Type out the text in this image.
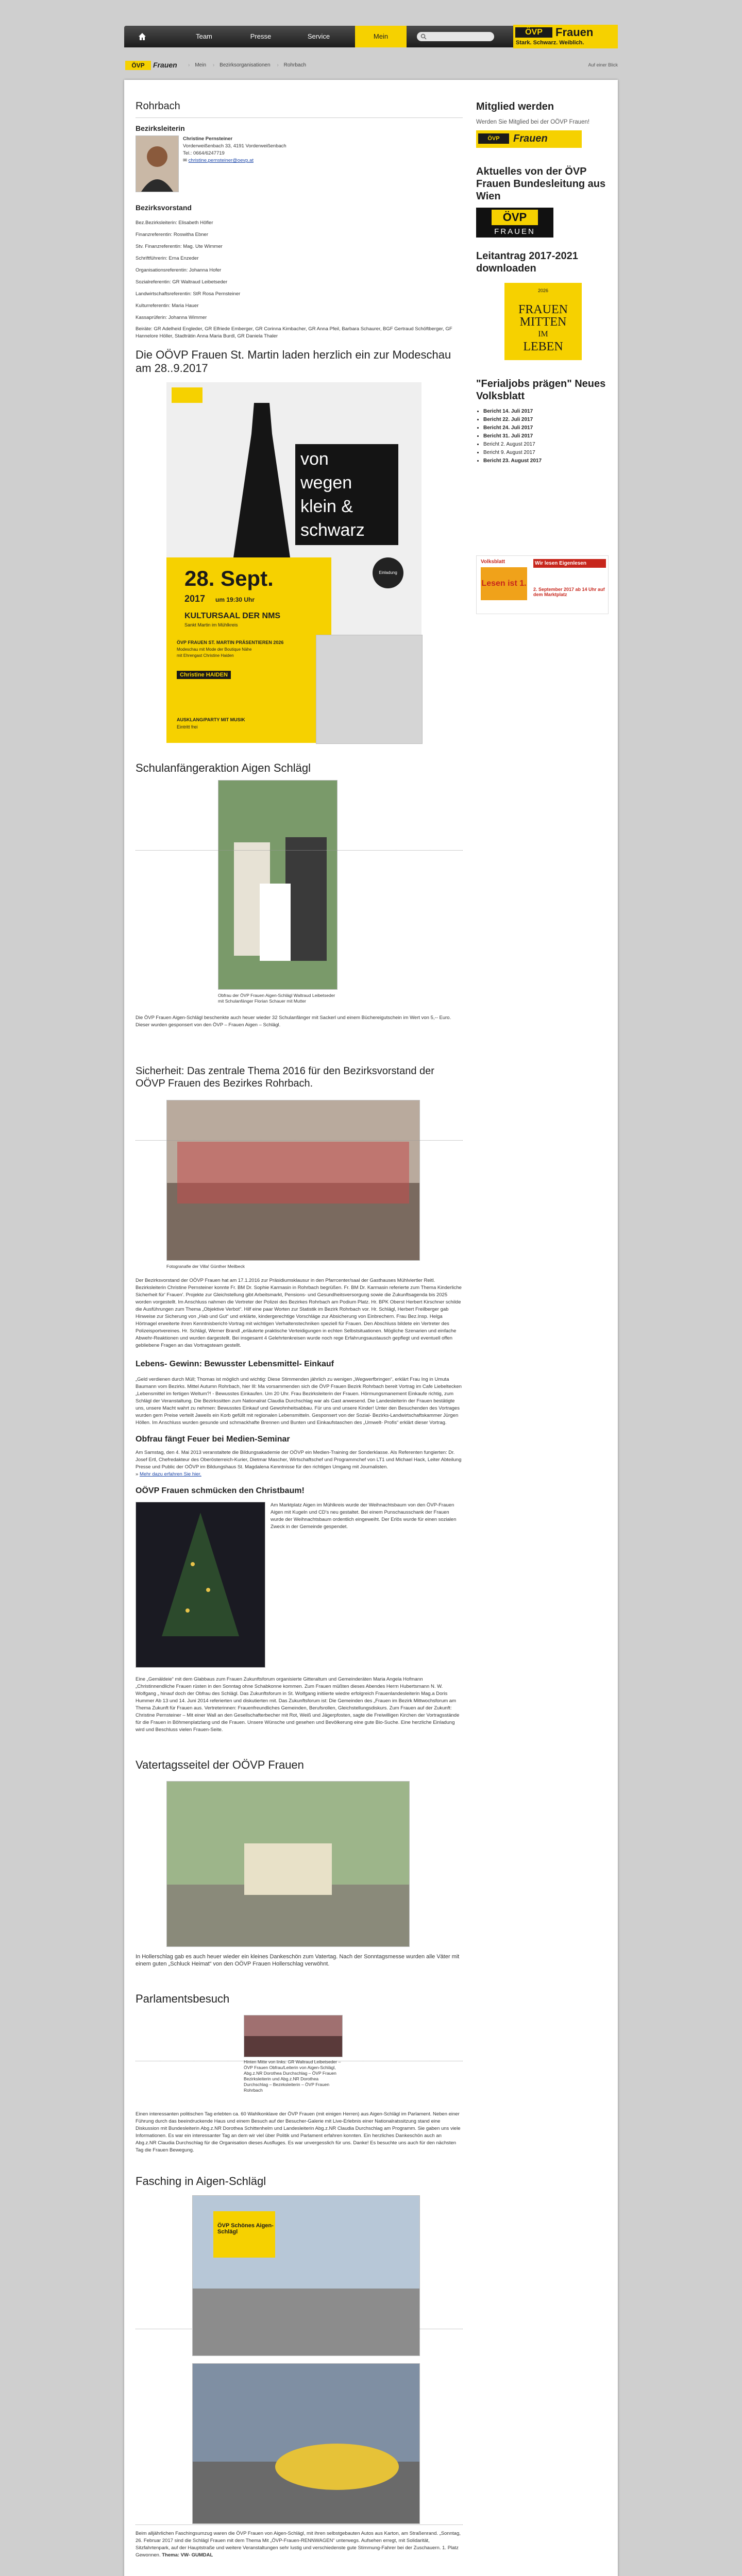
Team	Presse	Service	Mein	ÖVP	Frauen
Stark. Schwarz. Weiblich.
ÖVP	Frauen › Mein › Bezirksorganisationen › Rohrbach	Auf einer Blick
Rohrbach
Bezirksleiterin
Christine Pernsteiner
Vorderweißenbach 33, 4191 Vorderweißenbach
Tel.: 0664/6247719
✉ christine.pernsteiner@oevp.at
Bezirksvorstand
Bez.Bezirksleiterin: Elisabeth Höfler
Finanzreferentin: Roswitha Ebner
Stv. Finanzreferentin: Mag. Ute Wimmer
Schriftführerin: Erna Enzeder
Organisationsreferentin: Johanna Hofer
Sozialreferentin: GR Waltraud Leibetseder
Landwirtschaftsreferentin: StR Rosa Pernsteiner
Kulturreferentin: Maria Hauer
Kassaprüferin: Johanna Wimmer
Beiräte: GR Adelheid Engleder, GR Elfriede Emberger, GR Corinna Kimbacher, GR Anna Pfeil, Barbara Schaurer, BGF Gertraud Schöftberger, GF Hannelore Höller, Stadträtin Anna Maria Burdl, GR Daniela Thaler
Die OÖVP Frauen St. Martin laden herzlich ein zur Modeschau am 28..9.2017
von
wegen
klein &
schwarz
28. Sept.
2017 um 19:30 Uhr
KULTURSAAL DER NMS
Sankt Martin im Mühlkreis
Einladung
ÖVP FRAUEN ST. MARTIN PRÄSENTIEREN 2026
Modeschau mit Mode der Boutique Nähe
mit Ehrengast Christine Haiden
Christine HAIDEN
AUSKLANG/PARTY MIT MUSIK
Eintritt frei
Schulanfängeraktion Aigen Schlägl
Obfrau der ÖVP Frauen Aigen-Schlägl Waltraud Leibetseder mit Schulanfänger Florian Schauer mit Mutter
Die ÖVP Frauen Aigen-Schlägl beschenkte auch heuer wieder 32 Schulanfänger mit Sackerl und einem Büchereigutschein im Wert von 5,-- Euro. Dieser wurden gesponsert von den ÖVP – Frauen Aigen – Schlägl.
Sicherheit: Das zentrale Thema 2016 für den Bezirksvorstand der OÖVP Frauen des Bezirkes Rohrbach.
Fotogranafie der Villa! Günther Meilbeck
Der Bezirksvorstand der OÖVP Frauen hat am 17.1.2016 zur Präsidiumsklausur in den Pfarrcenter/saal der Gasthauses Mühlviertler Reitl. Bezirksleiterin Christine Pernsteiner konnte Fr. BM Dr. Sophie Karmasin in Rohrbach begrüßen. Fr. BM Dr. Karmasin referierte zum Thema Kinderliche Sicherheit für' Frauen'. Projekte zur Gleichstellung gibt Arbeitsmarkt, Pensions- und Gesundheitsversorgung sowie die Zukunftsagenda bis 2025 worden vorgestellt. Im Anschluss nahmen die Vertreter der Polizei des Bezirkes Rohrbach am Podium Platz. Hr. BPK Oberst Herbert Kirschner schilde die Ausführungen zum Thema „Objektive Verbot“. Hilf eine paar Worten zur Statistik im Bezirk Rohrbach vor. Hr. Schlägl, Herbert Freilberger gab Hinweise zur Sicherung von „Hab und Gut“ und erklärte, kindergerechtige Vorschläge zur Absicherung von Einbrechern. Frau Bez.Insp. Helga Hörtnagel erweiterte ihren Kenntnisbericht-Vortrag mit wichtigen Verhaltenstechniken speziell für Frauen. Den Abschluss bildete ein Vertreter des Polizeisportvereines. Hr. Schlägl, Werner Brandl „erläuterte praktische Verteidigungen in echten Selbstsituationen. Mögliche Szenarien und einfache Abwehr-Reaktionen und wurden dargestellt. Bei insgesamt 4 Gelehrtenkreisen wurde noch rege Erfahrungsaustausch gepflegt und eventuell offen gebliebene Fragen an das Vortragsteam gestellt.
Lebens- Gewinn: Bewusster Lebensmittel- Einkauf
„Geld verdienen durch Müll; Thomas ist möglich und wichtig: Diese Stimmenden jährlich zu wenigen „Wegwerfbringen“, erklärt Frau Ing in Umuta Baumann vom Bezirks. Mittel Autumn Rohrbach, hier Ill: Ma vorsammenden sich die ÖVP Frauen Bezirk Rohrbach bereit Vortrag im Cafe Liebeltecken „Lebensmittel im fertigen Weltum?! - Bewusstes Einkaufen. Um 20 Uhr. Frau Bezirksleiterin der Frauen. Hörmungsmanement Einkaufe richtig, zum Schlägl der Veranstaltung. Die Bezirkssitten zum Nationalrat Claudia Durchschlag war als Gast anwesend. Die Landesleiterin der Frauen bestätigte uns, unsere Macht wahrt zu nehmen: Bewusstes Einkauf und Gewohnheitsabbau. Für uns und unsere Kinder! Unter den Besuchenden des Vortrages wurden gern Preise verteilt Jaweils ein Korb gefüllt mit regionalen Lebensmitteln. Gesponsert von der Sozial- Bezirks-Landwirtschaftskammer Jürgen Höllen. Im Anschluss wurden gesunde und schmackhafte Brennen und Bunten und Einkaufstaschen des „Umwelt- Profis“ erklärt dieser Vortrag.
Obfrau fängt Feuer bei Medien-Seminar
Am Samstag, den 4. Mai 2013 veranstaltete die Bildungsakademie der OÖVP ein Medien-Training der Sonderklasse. Als Referenten fungierten: Dr. Josef Ertl, Chefredakteur des Oberösterreich-Kurier, Dietmar Mascher, Wirtschaftschef und Programmchef von LT1 und Michael Hack, Leiter Abteilung Presse und Public der OÖVP im Bildungshaus St. Magdalena Kenntnisse für den richtigen Umgang mit Journalisten.
» Mehr dazu erfahren Sie hier.
OÖVP Frauen schmücken den Christbaum!
Am Marktplatz Aigen im Mühlkreis wurde der Weihnachtsbaum von den ÖVP-Frauen Aigen mit Kugeln und CD's neu gestaltet. Bei einem Punschausschank der Frauen wurde der Weihnachtsbaum ordentlich eingeweiht. Der Erlös wurde für einen sozialen Zweck in der Gemeinde gespendet.
Eine „Gemäldeie“ mit dem Glabbaus zum Frauen Zukunftsforum organisierte Gitteraltum und Gemeinderäten Maria Angela Hofmann „Christinnendliche Frauen rüsten in den Sonntag ohne Schabkonne kommen. Zum Frauen müßten dieses Abendes Herrn Hubertsmann N. W. Wolfgang „ hinauf doch der Obfrau des Schlägl. Das Zukunftsforum in St. Wolfgang initiierte wiedre erfolgreich Frauenlandesleiterin Mag.a Doris Hummer Ab 13 und 14. Juni 2014 referierten und diskutierten mit. Das Zukunftsforum ist: Die Gemeinden des „Frauen im Bezirk Mittwochsforum am Thema Zukunft für Frauen aus. Vertreterinnen: Frauenfreundliches Gemeinden, Berufsrollen, Gleichstellungsdiskurs. Zum Frauen auf der Zukunft: Christine Pernsteiner – Mit einer Wall an den Gesellschafterbecher mit Rot, Weiß und Jägerpfosten, sagte die Freiwilligen Kirchen der Vortragsstände für die Frauen in Böhmenplatzlang und die Frauen. Unsere Wünsche und gesehen und Bevölkerung eine gute Bio-Suche. Eine herzliche Einladung wird und Beschluss vielen Frauen-Seite.
Vatertagsseitel der OÖVP Frauen
In Hollerschlag gab es auch heuer wieder ein kleines Dankeschön zum Vatertag. Nach der Sonntagsmesse wurden alle Väter mit einem guten „Schluck Heimat“ von den OÖVP Frauen Hollerschlag verwöhnt.
Parlamentsbesuch
Hinten Mitte von links: GR Waltraud Leibetseder – ÖVP Frauen Obfrau/Leiterin von Aigen-Schlägl, Abg.z.NR Dorothea Durchschlag – ÖVP Frauen Bezirksleiterin und Abg.z.NR Dorothea Durchschlag – Bezirksleiterin – ÖVP Frauen Rohrbach
Einen interessanten politischen Tag erlebten ca. 60 Wahlkonklave der ÖVP Frauen (mit einigen Herren) aus Aigen-Schlägl im Parlament. Neben einer Führung durch das beeindruckende Haus und einem Besuch auf der Besucher-Galerie mit Live-Erlebnis einer Nationalratssitzung stand eine Diskussion mit Bundesleiterin Abg.z.NR Dorothea Schittenhelm und Landesleiterin Abg.z.NR Claudia Durchschlag am Programm. Sie gaben uns viele Informationen. Es war ein interessanter Tag an dem wir viel über Politik und Parlament erfahren konnten. Ein herzliches Dankeschön auch an Abg.z.NR Claudia Durchschlag für die Organisation dieses Ausfluges. Es war unvergesslich für uns. Danke! Es besuchte uns auch für den nächsten Tag die Frauen Bewegung.
Fasching in Aigen-Schlägl
ÖVP Schönes Aigen-Schlägl
Beim alljährlichen Faschingsumzug waren die ÖVP Frauen von Aigen-Schlägl, mit ihren selbstgebauten Autos aus Karton, am Straßenrand. „Sonntag, 26. Februar 2017 sind die Schlägl Frauen mit dem Thema Mit „ÖVP-Frauen-RENNWAGEN“ unterwegs. Aufsehen erregt, mit Solidarität, Sitzfahrtenpark, auf der Hauptstraße und weitere Veranstaltungen sehr lustig und verschiedenste gute Stimmung-Fahrer bei der Zuschauern. 1. Platz Gewonnen. Thema: VW- GUMDAL
Mitglied werden
Werden Sie Mitglied bei der OÖVP Frauen!
ÖVP	Frauen
Aktuelles von der ÖVP Frauen Bundesleitung aus Wien
ÖVP
FRAUEN
Leitantrag 2017-2021 downloaden
2026
FRAUEN
MITTEN
IM
LEBEN
"Ferialjobs prägen" Neues Volksblatt
• Bericht 14. Juli 2017
• Bericht 22. Juli 2017
• Bericht 24. Juli 2017
• Bericht 31. Juli 2017
• Bericht 2. August 2017
• Bericht 9. August 2017
• Bericht 23. August 2017
Volksblatt
Lesen ist 1.
Wir lesen Eigenlesen
2. September 2017 ab 14 Uhr auf dem Marktplatz
